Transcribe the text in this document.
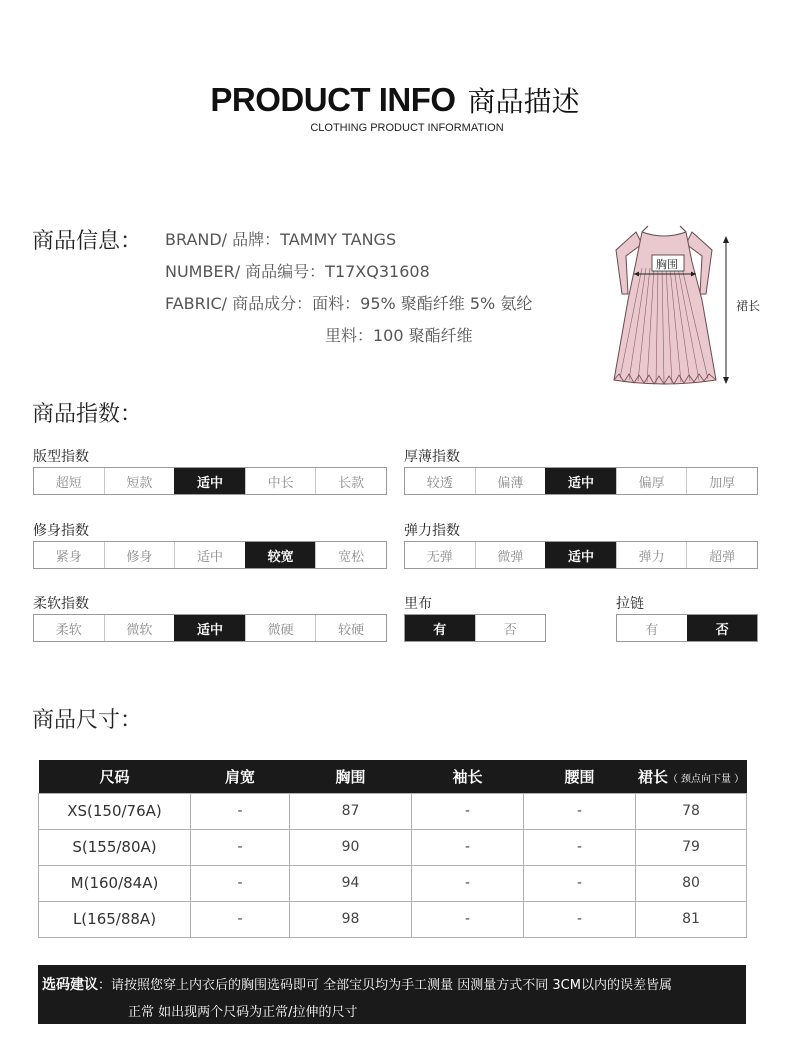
PRODUCT INFO 商品描述
CLOTHING PRODUCT INFORMATION
商品信息： BRAND/ 品牌：TAMMY TANGS
NUMBER/ 商品编号：T17XQ31608
FABRIC/ 商品成分：面料：95% 聚酯纤维 5% 氨纶
里料：100 聚酯纤维
胸围
裙长
商品指数：
版型指数
超短	短款	适中	中长	长款
厚薄指数
较透	偏薄	适中	偏厚	加厚
修身指数
紧身	修身	适中	较宽	宽松
弹力指数
无弹	微弹	适中	弹力	超弹
柔软指数
柔软	微软	适中	微硬	较硬
里布
有	否
拉链
有	否
商品尺寸：
尺码	肩宽	胸围	袖长	腰围	裙长（ 颈点向下量 ）
XS(150/76A)	-	87	-	-	78
S(155/80A)	-	90	-	-	79
M(160/84A)	-	94	-	-	80
L(165/88A)	-	98	-	-	81
选码建议：请按照您穿上内衣后的胸围选码即可 全部宝贝均为手工测量 因测量方式不同 3CM以内的误差皆属
正常 如出现两个尺码为正常/拉伸的尺寸
